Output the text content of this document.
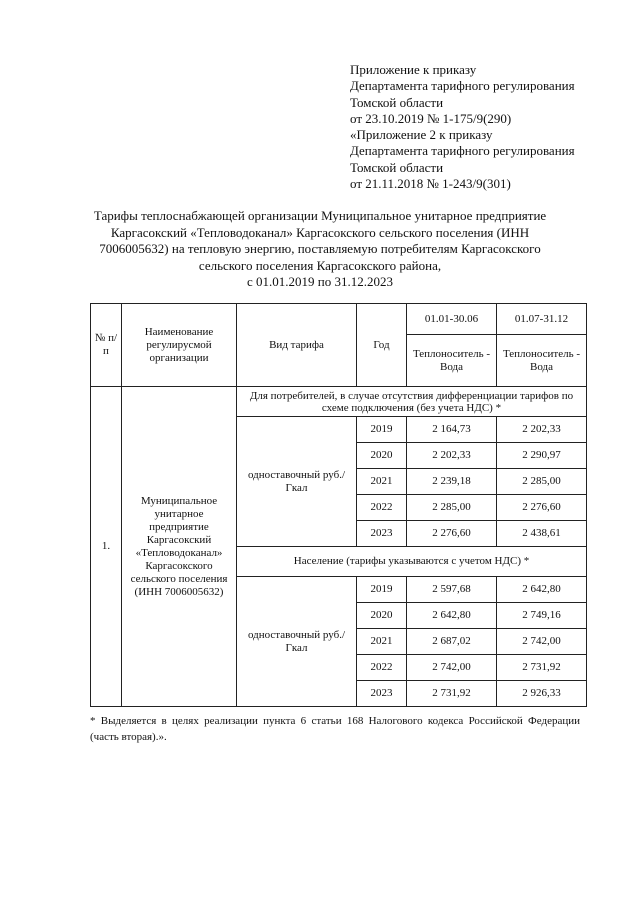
Приложение к приказу
Департамента тарифного регулирования
Томской области
от 23.10.2019 № 1-175/9(290)
«Приложение 2 к приказу
Департамента тарифного регулирования
Томской области
от 21.11.2018 № 1-243/9(301)
Тарифы теплоснабжающей организации Муниципальное унитарное предприятие
Каргасокский «Тепловодоканал» Каргасокского сельского поселения (ИНН
7006005632) на тепловую энергию, поставляемую потребителям Каргасокского
сельского поселения Каргасокского района,
с 01.01.2019 по 31.12.2023
№ п/п	Наименование регулирусмой организации	Вид тарифа	Год	01.01-30.06	01.07-31.12
				Теплоноситель - Вода	Теплоноситель - Вода
1.	Муниципальное унитарное предприятие Каргасокский «Тепловодоканал» Каргасокского сельского поселения (ИНН 7006005632)	Для потребителей, в случае отсутствия дифференциации тарифов по схеме подключения (без учета НДС) *			
		одноставочный руб./Гкал	2019	2 164,73	2 202,33
			2020	2 202,33	2 290,97
			2021	2 239,18	2 285,00
			2022	2 285,00	2 276,60
			2023	2 276,60	2 438,61
		Население (тарифы указываются с учетом НДС) *			
		одноставочный руб./Гкал	2019	2 597,68	2 642,80
			2020	2 642,80	2 749,16
			2021	2 687,02	2 742,00
			2022	2 742,00	2 731,92
			2023	2 731,92	2 926,33
* Выделяется в целях реализации пункта 6 статьи 168 Налогового кодекса Российской Федерации (часть вторая).».
